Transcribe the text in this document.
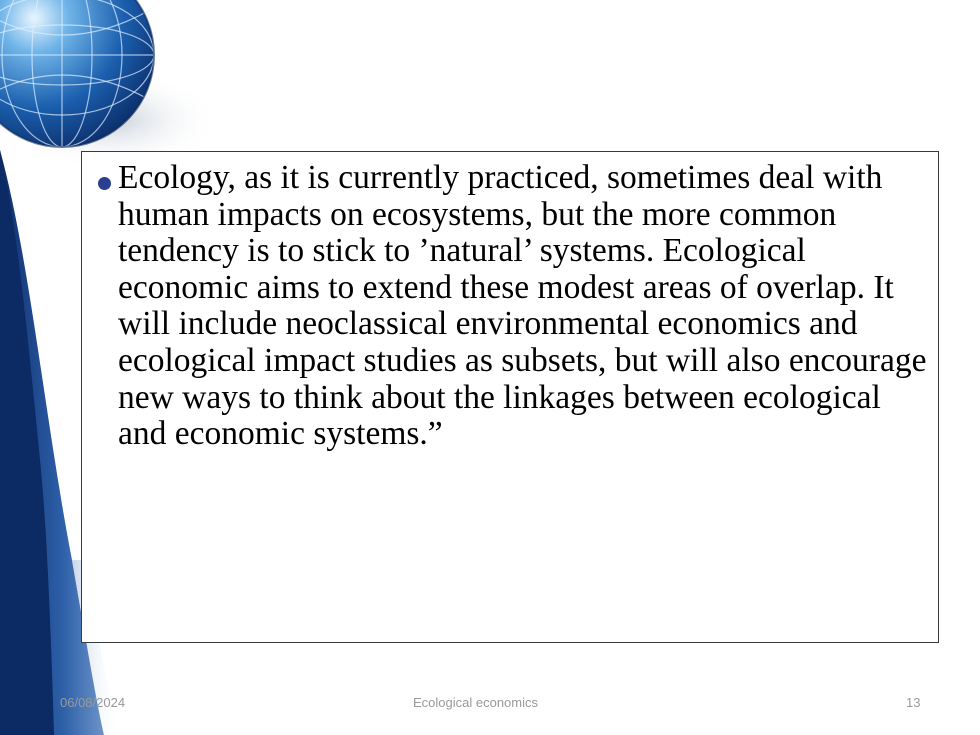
Ecology, as it is currently practiced, sometimes deal with human impacts on ecosystems, but the more common tendency is to stick to ’natural’ systems. Ecological economic aims to extend these modest areas of overlap. It will include neoclassical environmental economics and ecological impact studies as subsets, but will also encourage new ways to think about the linkages between ecological and economic systems.”
06/08/2024	Ecological economics	13
